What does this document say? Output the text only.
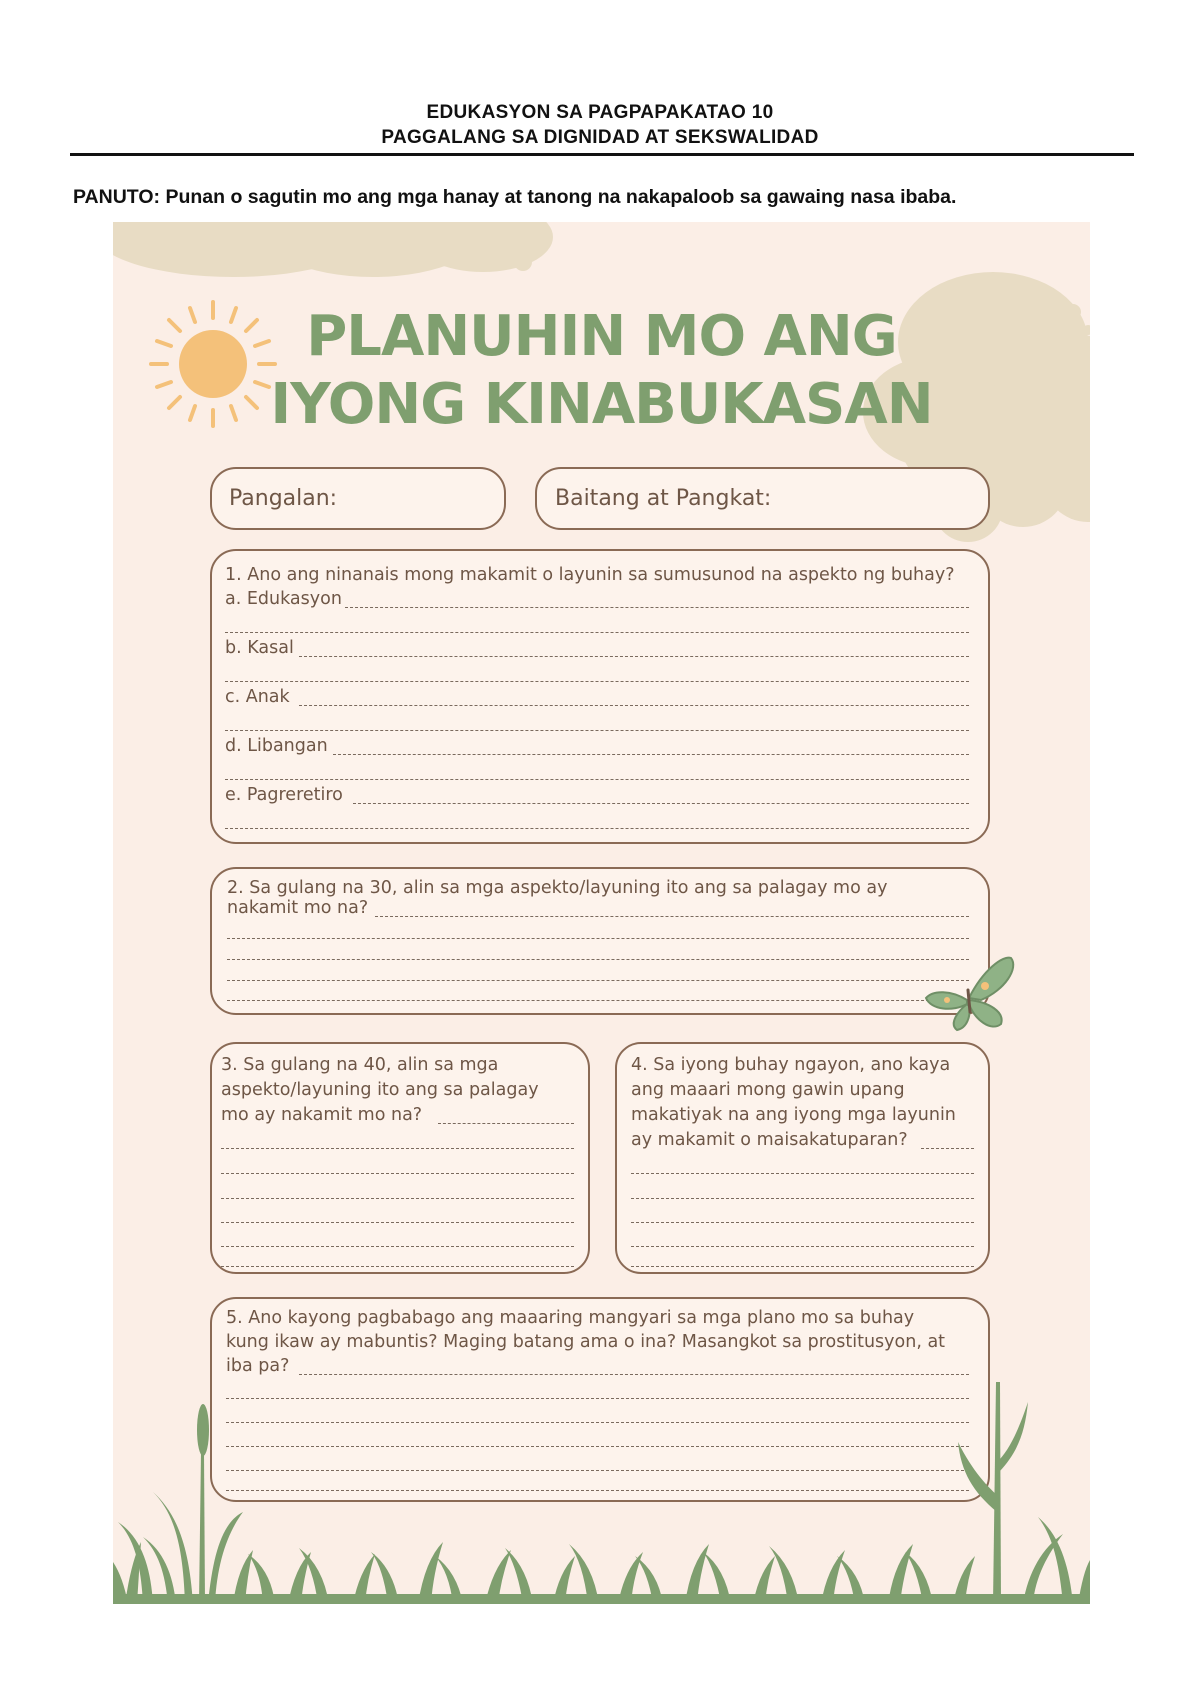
EDUKASYON SA PAGPAPAKATAO 10
PAGGALANG SA DIGNIDAD AT SEKSWALIDAD
PANUTO: Punan o sagutin mo ang mga hanay at tanong na nakapaloob sa gawaing nasa ibaba.
PLANUHIN MO ANG
IYONG KINABUKASAN
Pangalan:	Baitang at Pangkat:
1. Ano ang ninanais mong makamit o layunin sa sumusunod na aspekto ng buhay?
a. Edukasyon
b. Kasal
c. Anak
d. Libangan
e. Pagreretiro
2. Sa gulang na 30, alin sa mga aspekto/layuning ito ang sa palagay mo ay
nakamit mo na?
3. Sa gulang na 40, alin sa mga
aspekto/layuning ito ang sa palagay
mo ay nakamit mo na?
4. Sa iyong buhay ngayon, ano kaya
ang maaari mong gawin upang
makatiyak na ang iyong mga layunin
ay makamit o maisakatuparan?
5. Ano kayong pagbabago ang maaaring mangyari sa mga plano mo sa buhay
kung ikaw ay mabuntis? Maging batang ama o ina? Masangkot sa prostitusyon, at
iba pa?
